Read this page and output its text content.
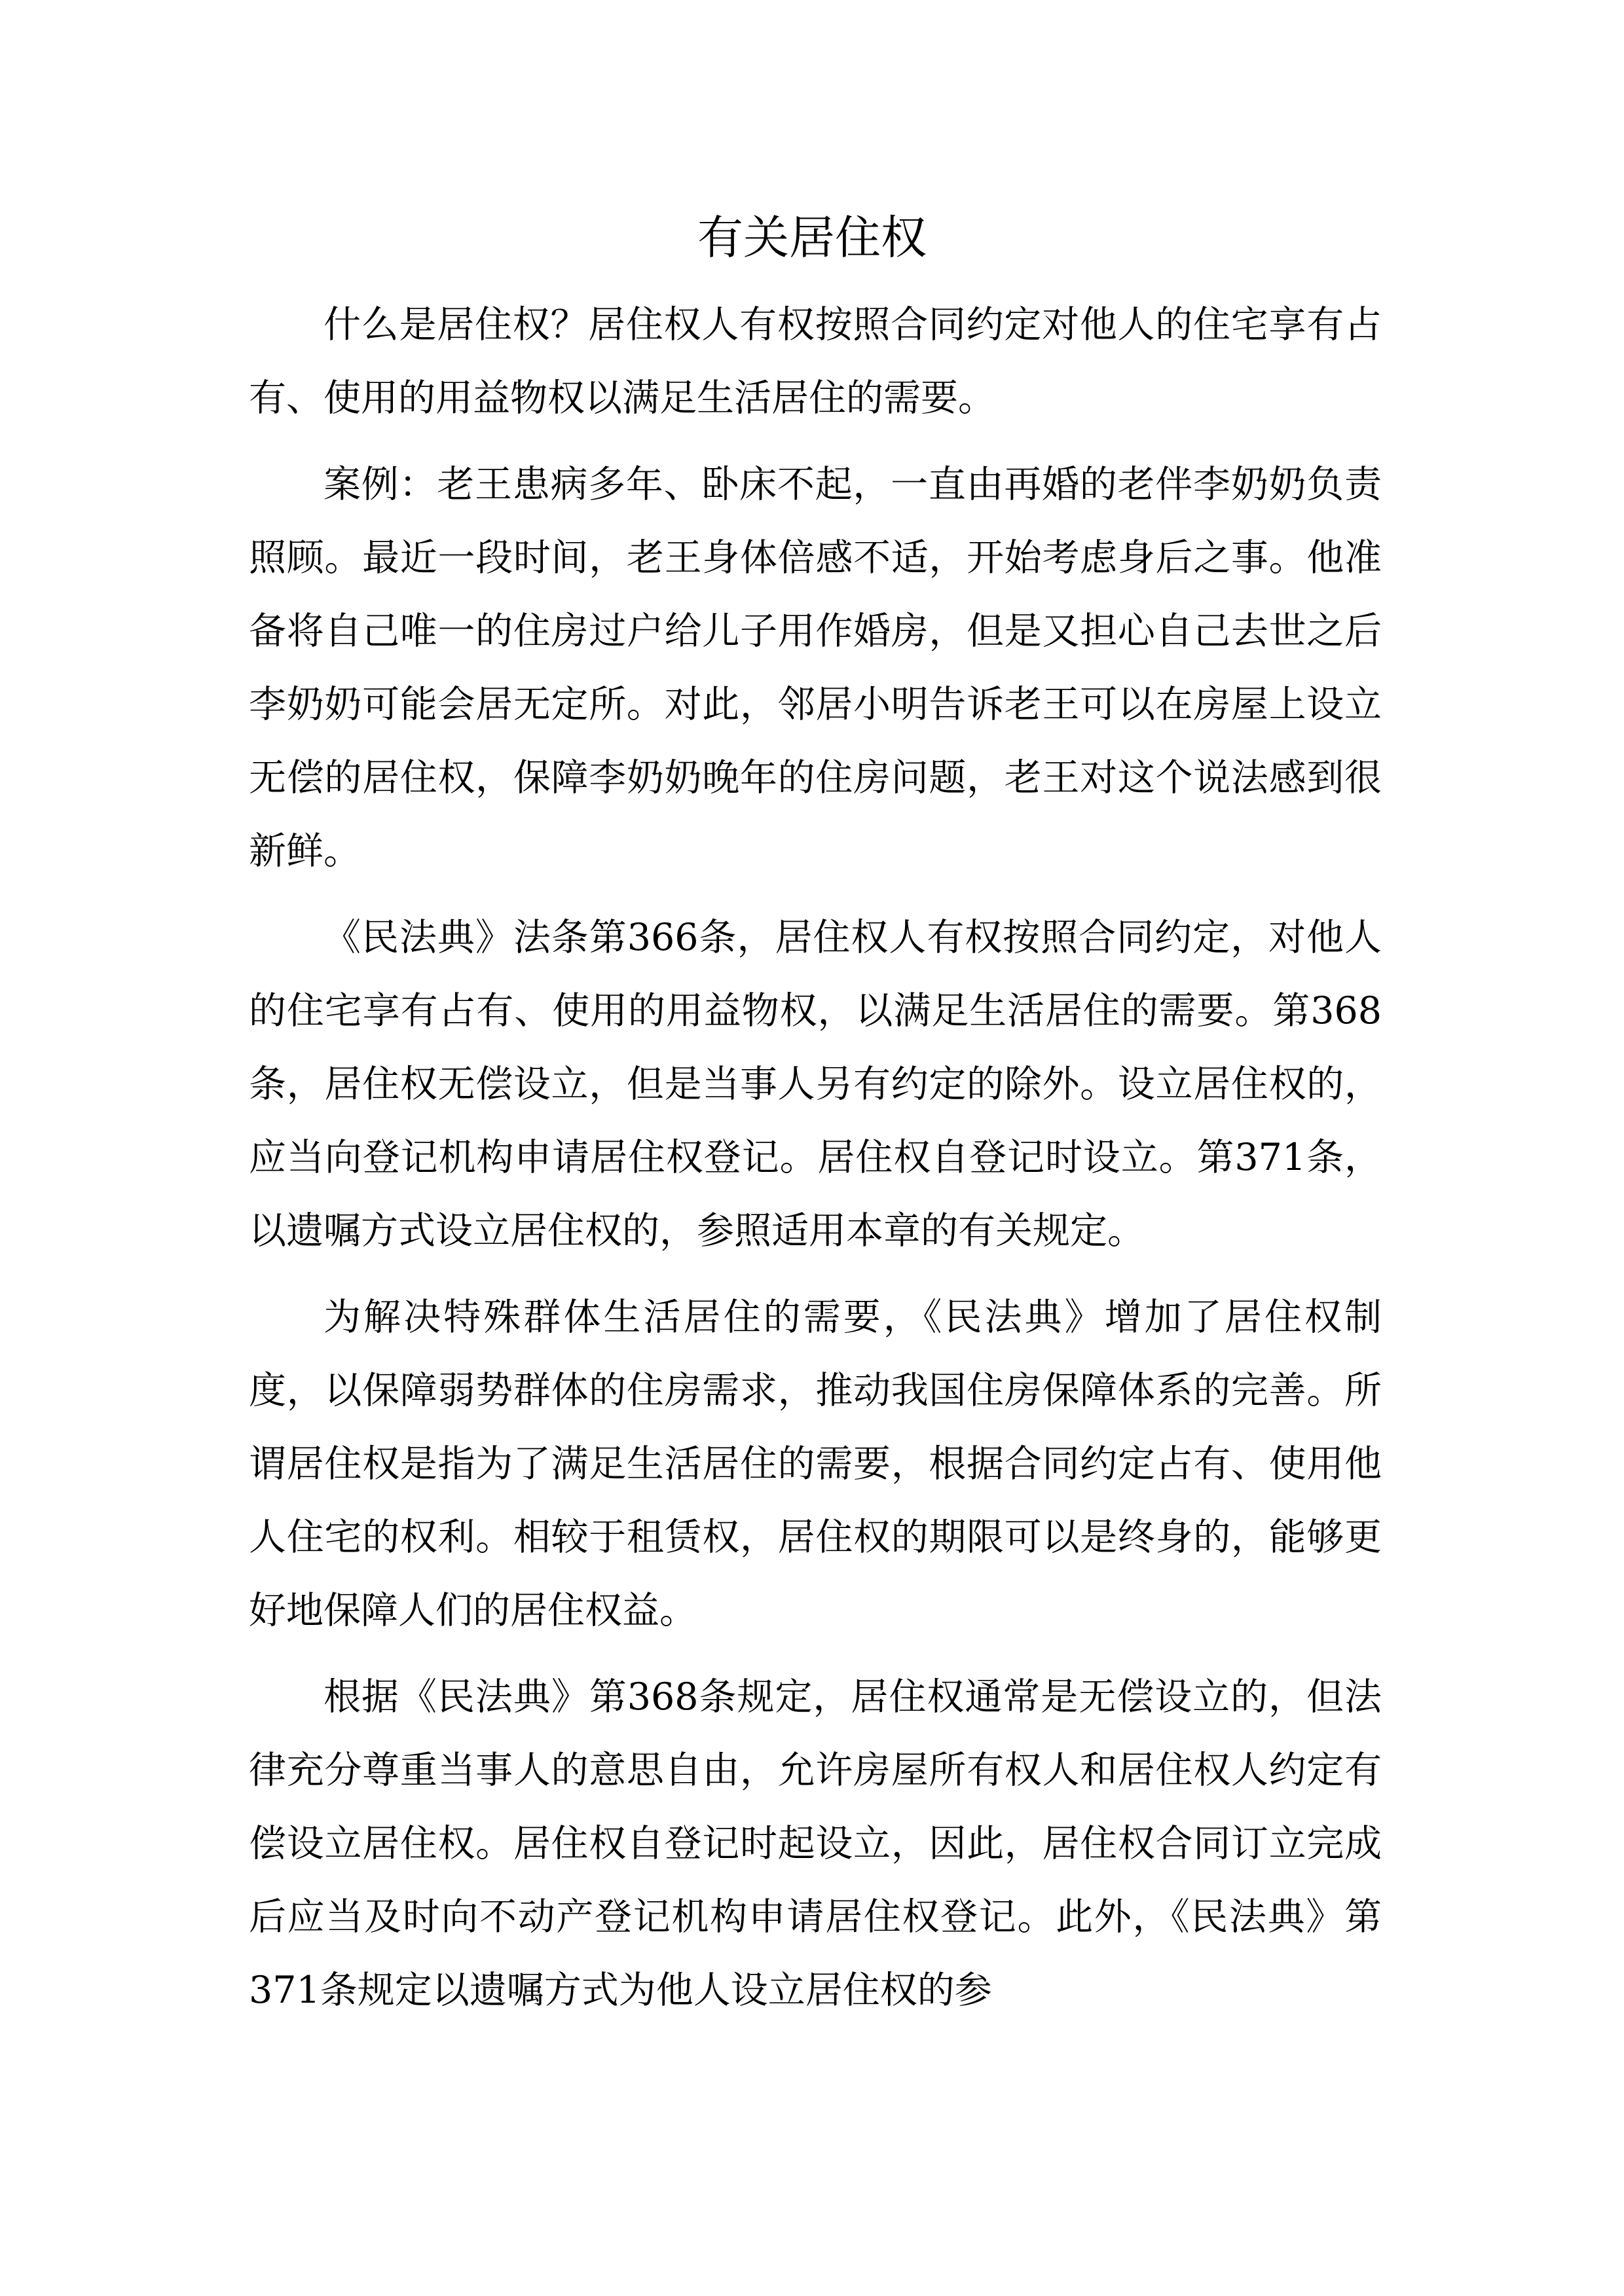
有关居住权

什么是居住权？居住权人有权按照合同约定对他人的住宅享有占有、使用的用益物权以满足生活居住的需要。

案例：老王患病多年、卧床不起，一直由再婚的老伴李奶奶负责照顾。最近一段时间，老王身体倍感不适，开始考虑身后之事。他准备将自己唯一的住房过户给儿子用作婚房，但是又担心自己去世之后李奶奶可能会居无定所。对此，邻居小明告诉老王可以在房屋上设立无偿的居住权，保障李奶奶晚年的住房问题，老王对这个说法感到很新鲜。

《民法典》法条第366条，居住权人有权按照合同约定，对他人的住宅享有占有、使用的用益物权，以满足生活居住的需要。第368条，居住权无偿设立，但是当事人另有约定的除外。设立居住权的，应当向登记机构申请居住权登记。居住权自登记时设立。第371条，以遗嘱方式设立居住权的，参照适用本章的有关规定。

为解决特殊群体生活居住的需要，《民法典》增加了居住权制度，以保障弱势群体的住房需求，推动我国住房保障体系的完善。所谓居住权是指为了满足生活居住的需要，根据合同约定占有、使用他人住宅的权利。相较于租赁权，居住权的期限可以是终身的，能够更好地保障人们的居住权益。

根据《民法典》第368条规定，居住权通常是无偿设立的，但法律充分尊重当事人的意思自由，允许房屋所有权人和居住权人约定有偿设立居住权。居住权自登记时起设立，因此，居住权合同订立完成后应当及时向不动产登记机构申请居住权登记。此外，《民法典》第371条规定以遗嘱方式为他人设立居住权的参
